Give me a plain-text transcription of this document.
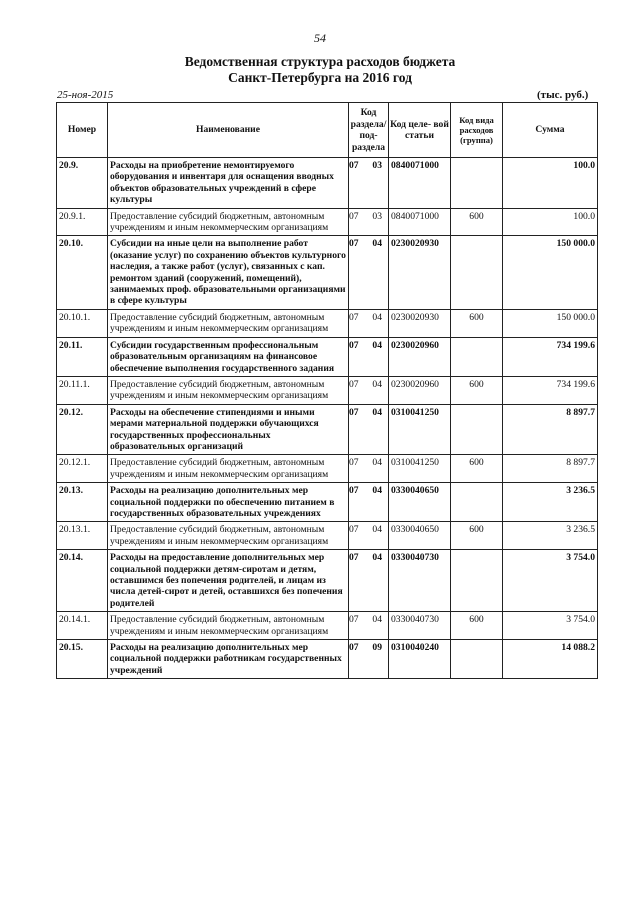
54
Ведомственная структура расходов бюджета
Санкт-Петербурга на 2016 год
25-ноя-2015	(тыс. руб.)
Номер	Наименование	Код раздела/ под- раздела	Код целе- вой статьи	Код вида расходов (группа)	Сумма
20.9.	Расходы на приобретение немонтируемого оборудования и инвентаря для оснащения вводных объектов образовательных учреждений в сфере культуры	07 03	0840071000		100.0
20.9.1.	Предоставление субсидий бюджетным, автономным учреждениям и иным некоммерческим организациям	07 03	0840071000	600	100.0
20.10.	Субсидии на иные цели на выполнение работ (оказание услуг) по сохранению объектов культурного наследия, а также работ (услуг), связанных с кап. ремонтом зданий (сооружений, помещений), занимаемых проф. образовательными организациями в сфере культуры	07 04	0230020930		150 000.0
20.10.1.	Предоставление субсидий бюджетным, автономным учреждениям и иным некоммерческим организациям	07 04	0230020930	600	150 000.0
20.11.	Субсидии государственным профессиональным образовательным организациям на финансовое обеспечение выполнения государственного задания	07 04	0230020960		734 199.6
20.11.1.	Предоставление субсидий бюджетным, автономным учреждениям и иным некоммерческим организациям	07 04	0230020960	600	734 199.6
20.12.	Расходы на обеспечение стипендиями и иными мерами материальной поддержки обучающихся государственных профессиональных образовательных организаций	07 04	0310041250		8 897.7
20.12.1.	Предоставление субсидий бюджетным, автономным учреждениям и иным некоммерческим организациям	07 04	0310041250	600	8 897.7
20.13.	Расходы на реализацию дополнительных мер социальной поддержки по обеспечению питанием в государственных образовательных учреждениях	07 04	0330040650		3 236.5
20.13.1.	Предоставление субсидий бюджетным, автономным учреждениям и иным некоммерческим организациям	07 04	0330040650	600	3 236.5
20.14.	Расходы на предоставление дополнительных мер социальной поддержки детям-сиротам и детям, оставшимся без попечения родителей, и лицам из числа детей-сирот и детей, оставшихся без попечения родителей	07 04	0330040730		3 754.0
20.14.1.	Предоставление субсидий бюджетным, автономным учреждениям и иным некоммерческим организациям	07 04	0330040730	600	3 754.0
20.15.	Расходы на реализацию дополнительных мер социальной поддержки работникам государственных учреждений	07 09	0310040240		14 088.2
